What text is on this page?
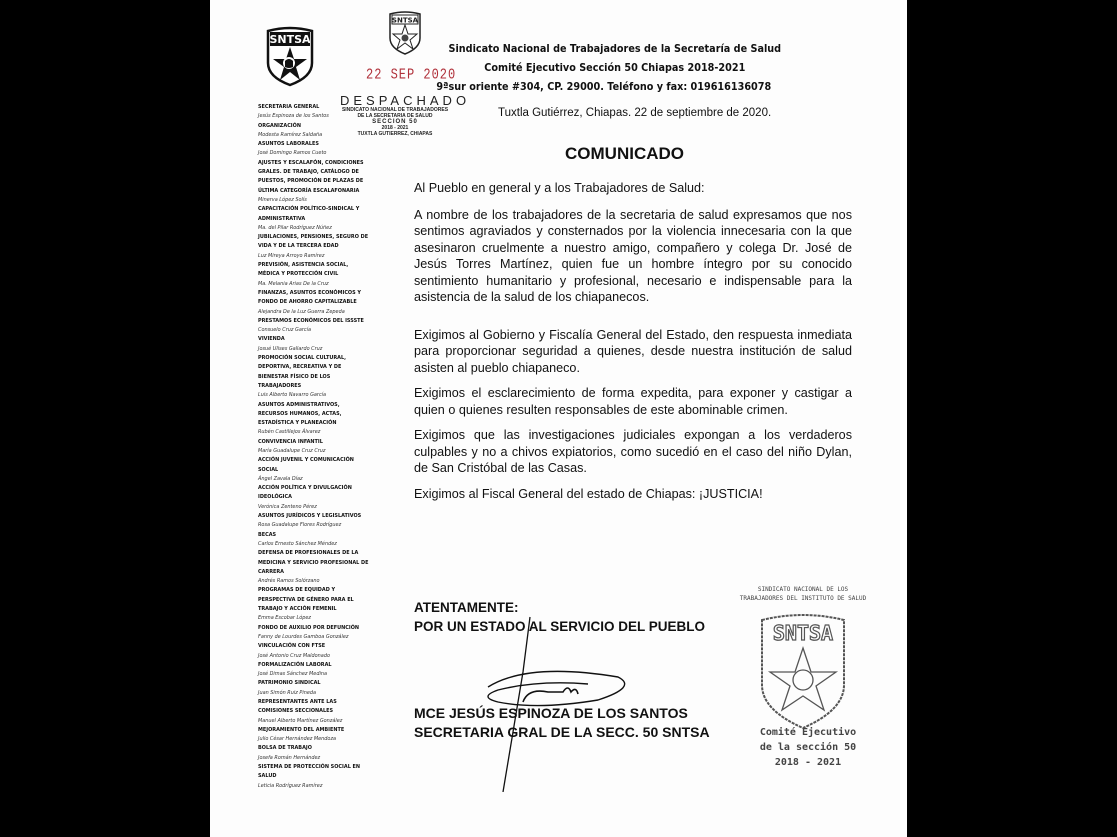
SNTSA
SNTSA
22 SEP 2020
Sindicato Nacional de Trabajadores de la Secretaría de Salud
Comité Ejecutivo Sección 50 Chiapas 2018-2021
9ªsur oriente #304, CP. 29000. Teléfono y fax: 019616136078
DESPACHADO
SINDICATO NACIONAL DE TRABAJADORES
DE LA SECRETARIA DE SALUD
SECCION 50
2018 - 2021
TUXTLA GUTIERREZ, CHIAPAS
SECRETARIA GENERAL
Jesús Espinoza de los Santos
ORGANIZACIÓN
Modesta Ramírez Saldaña
ASUNTOS LABORALES
José Domingo Ramos Cueto
AJUSTES Y ESCALAFÓN, CONDICIONES
GRALES. DE TRABAJO, CATÁLOGO DE
PUESTOS, PROMOCIÓN DE PLAZAS DE
ÚLTIMA CATEGORÍA ESCALAFONARIA
Minerva López Solís
CAPACITACIÓN POLÍTICO-SINDICAL Y
ADMINISTRATIVA
Ma. del Pilar Rodríguez Núñez
JUBILACIONES, PENSIONES, SEGURO DE
VIDA Y DE LA TERCERA EDAD
Luz Mireya Arroyo Ramírez
PREVISIÓN, ASISTENCIA SOCIAL,
MÉDICA Y PROTECCIÓN CIVIL
Ma. Melania Arias De la Cruz
FINANZAS, ASUNTOS ECONÓMICOS Y
FONDO DE AHORRO CAPITALIZABLE
Alejandra De la Luz Guerra Zepeda
PRESTAMOS ECONÓMICOS DEL ISSSTE
Consuelo Cruz García
VIVIENDA
Josué Ulises Gallardo Cruz
PROMOCIÓN SOCIAL CULTURAL,
DEPORTIVA, RECREATIVA Y DE
BIENESTAR FÍSICO DE LOS
TRABAJADORES
Luis Alberto Navarro García
ASUNTOS ADMINISTRATIVOS,
RECURSOS HUMANOS, ACTAS,
ESTADÍSTICA Y PLANEACIÓN
Rubén Castillejos Álvarez
CONVIVENCIA INFANTIL
María Guadalupe Cruz Cruz
ACCIÓN JUVENIL Y COMUNICACIÓN
SOCIAL
Ángel Zavala Díaz
ACCIÓN POLÍTICA Y DIVULGACIÓN
IDEOLÓGICA
Verónica Zenteno Pérez
ASUNTOS JURÍDICOS Y LEGISLATIVOS
Rosa Guadalupe Flores Rodríguez
BECAS
Carlos Ernesto Sánchez Méndez
DEFENSA DE PROFESIONALES DE LA
MEDICINA Y SERVICIO PROFESIONAL DE
CARRERA
Andrés Ramos Solórzano
PROGRAMAS DE EQUIDAD Y
PERSPECTIVA DE GÉNERO PARA EL
TRABAJO Y ACCIÓN FEMENIL
Emma Escobar López
FONDO DE AUXILIO POR DEFUNCIÓN
Fanny de Lourdes Gamboa González
VINCULACIÓN CON FTSE
José Antonio Cruz Maldonado
FORMALIZACIÓN LABORAL
José Dimas Sánchez Medina
PATRIMONIO SINDICAL
Juan Simón Ruiz Pineda
REPRESENTANTES ANTE LAS
COMISIONES SECCIONALES
Manuel Alberto Martínez González
MEJORAMIENTO DEL AMBIENTE
Julio César Hernández Mendoza
BOLSA DE TRABAJO
Josefa Román Hernández
SISTEMA DE PROTECCIÓN SOCIAL EN
SALUD
Leticia Rodríguez Ramírez
Tuxtla Gutiérrez, Chiapas. 22 de septiembre de 2020.
COMUNICADO

Al Pueblo en general y a los Trabajadores de Salud:

A nombre de los trabajadores de la secretaria de salud expresamos que nos sentimos agraviados y consternados por la violencia innecesaria con la que asesinaron cruelmente a nuestro amigo, compañero y colega Dr. José de Jesús Torres Martínez, quien fue un hombre íntegro por su conocido sentimiento humanitario y profesional, necesario e indispensable para la asistencia de la salud de los chiapanecos.

Exigimos al Gobierno y Fiscalía General del Estado, den respuesta inmediata para proporcionar seguridad a quienes, desde nuestra institución de salud asisten al pueblo chiapaneco.

Exigimos el esclarecimiento de forma expedita, para exponer y castigar a quien o quienes resulten responsables de este abominable crimen.

Exigimos que las investigaciones judiciales expongan a los verdaderos culpables y no a chivos expiatorios, como sucedió en el caso del niño Dylan, de San Cristóbal de las Casas.

Exigimos al Fiscal General del estado de Chiapas: ¡JUSTICIA!

ATENTAMENTE:
POR UN ESTADO AL SERVICIO DEL PUEBLO
MCE JESÚS ESPINOZA DE LOS SANTOS
SECRETARIA GRAL DE LA SECC. 50 SNTSA
SINDICATO NACIONAL DE LOS
TRABAJADORES DEL INSTITUTO DE SALUD
SNTSA
Comité Ejecutivo
de la sección 50
2018 - 2021
